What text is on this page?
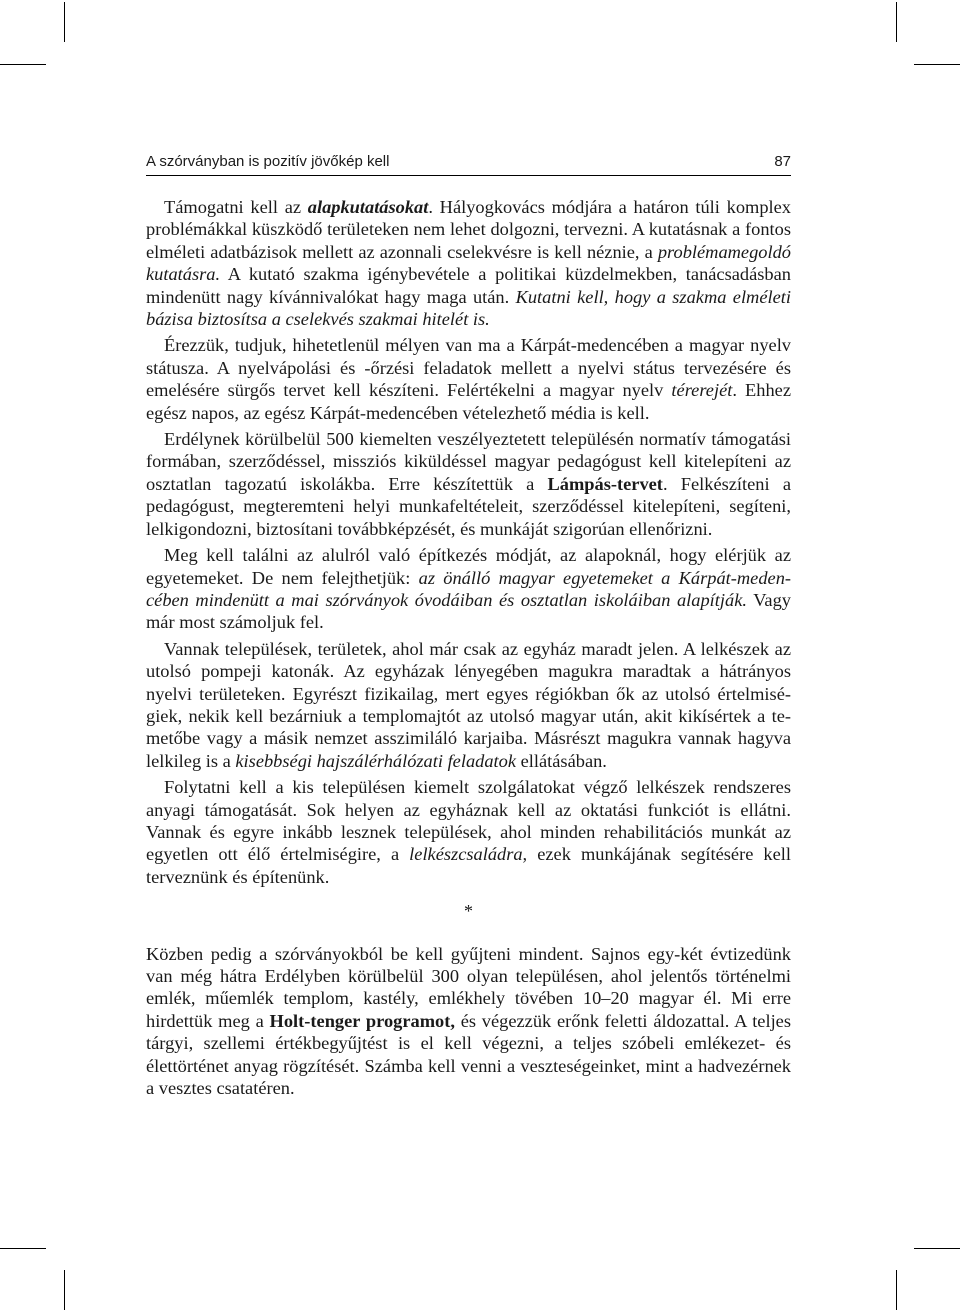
A szórványban is pozitív jövőkép kell	87

Támogatni kell az alapkutatásokat. Hályogkovács módjára a határon túli komplex problémákkal küszködő területeken nem lehet dolgozni, tervezni. A kutatásnak a fontos elméleti adatbázisok mellett az azonnali cselekvésre is kell néznie, a problémamegoldó kutatásra. A kutató szakma igénybevétele a politikai küzdelmekben, tanácsadásban mindenütt nagy kívánnivalókat hagy maga után. Kutatni kell, hogy a szakma elméleti bázisa biztosítsa a cselekvés szakmai hitelét is.

Érezzük, tudjuk, hihetetlenül mélyen van ma a Kárpát-medencében a magyar nyelv státusza. A nyelvápolási és -őrzési feladatok mellett a nyelvi státus tervezésére és emelésére sürgős tervet kell készíteni. Felértékelni a magyar nyelv térerejét. Ehhez egész napos, az egész Kárpát-medencében vételezhető média is kell.

Erdélynek körülbelül 500 kiemelten veszélyeztetett településén normatív támogatási formában, szerződéssel, missziós kiküldéssel magyar pedagógust kell kitelepíteni az osztatlan tagozatú iskolákba. Erre készítettük a Lámpás-tervet. Felkészíteni a pedagógust, megteremteni helyi munkafeltételeit, szerződéssel kitelepíteni, segíteni, lelkigondozni, biztosítani továbbképzését, és munkáját szigorúan ellenőrizni.

Meg kell találni az alulról való építkezés módját, az alapoknál, hogy elérjük az egyetemeket. De nem felejthetjük: az önálló magyar egyetemeket a Kárpát-medencében mindenütt a mai szórványok óvodáiban és osztatlan iskoláiban alapítják. Vagy már most számoljuk fel.

Vannak települések, területek, ahol már csak az egyház maradt jelen. A lelkészek az utolsó pompeji katonák. Az egyházak lényegében magukra maradtak a hátrányos nyelvi területeken. Egyrészt fizikailag, mert egyes régiókban ők az utolsó értelmiségiek, nekik kell bezárniuk a templomajtót az utolsó magyar után, akit kikísértek a temetőbe vagy a másik nemzet asszimiláló karjaiba. Másrészt magukra vannak hagyva lelkileg is a kisebbségi hajszálérhálózati feladatok ellátásában.

Folytatni kell a kis településen kiemelt szolgálatokat végző lelkészek rendszeres anyagi támogatását. Sok helyen az egyháznak kell az oktatási funkciót is ellátni. Vannak és egyre inkább lesznek települések, ahol minden rehabilitációs munkát az egyetlen ott élő értelmiségire, a lelkészcsaládra, ezek munkájának segítésére kell terveznünk és építenünk.

*

Közben pedig a szórványokból be kell gyűjteni mindent. Sajnos egy-két évtizedünk van még hátra Erdélyben körülbelül 300 olyan településen, ahol jelentős történelmi emlék, műemlék templom, kastély, emlékhely tövében 10–20 magyar él. Mi erre hirdettük meg a Holt-tenger programot, és végezzük erőnk feletti áldozattal. A teljes tárgyi, szellemi értékbegyűjtést is el kell végezni, a teljes szóbeli emlékezet- és élettörténet anyag rögzítését. Számba kell venni a veszteségeinket, mint a hadvezérnek a vesztes csatatéren.
